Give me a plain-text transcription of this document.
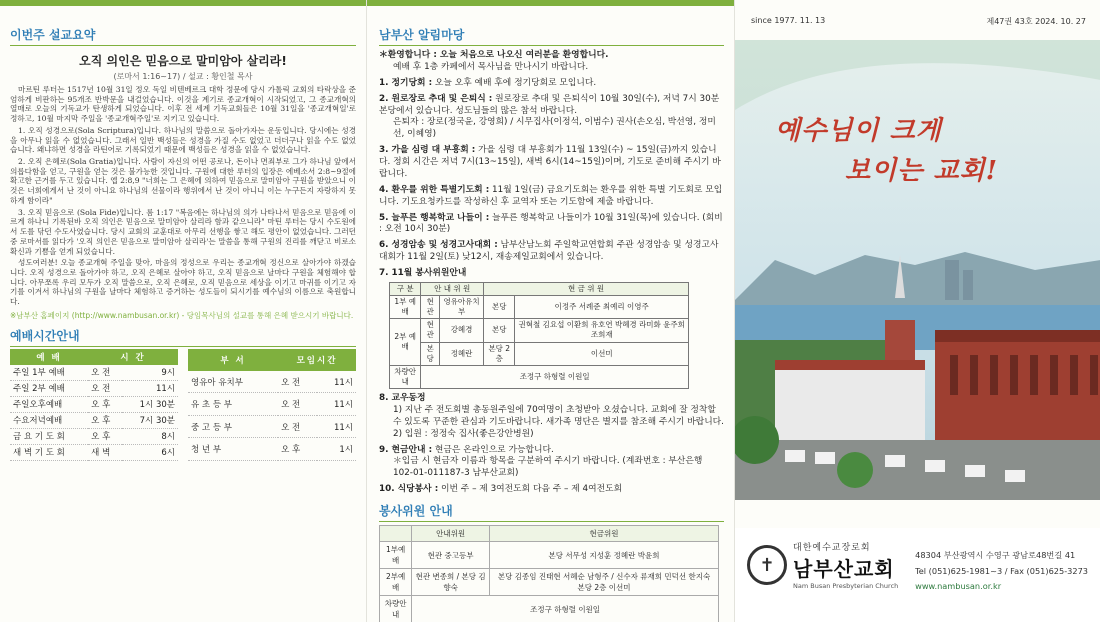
이번주 설교요약
오직 의인은 믿음으로 말미암아 살리라!
(로마서 1:16~17) / 설교 : 황인철 목사

마르틴 루터는 1517년 10월 31일 정오 독일 비텐베르크 대학 정문에 당시 가톨릭 교회의 타락상을 준엄하게 비판하는 95개조 반박문을 내걸었습니다. 이것을 계기로 종교개혁이 시작되었고, 그 종교개혁의 열매로 오늘의 기독교가 탄생하게 되었습니다. 이후 전 세계 기독교회들은 10월 31일을 '종교개혁일'로 정하고, 10월 마지막 주일을 '종교개혁주일'로 지키고 있습니다.

1. 오직 성경으로(Sola Scriptura)입니다. 하나님의 말씀으로 돌아가자는 운동입니다. 당시에는 성경을 아무나 읽을 수 없었습니다. 그래서 일반 백성들은 성경을 가질 수도 없었고 더더구나 읽을 수도 없었습니다. 왜냐하면 성경을 라틴어로 기록되었기 때문에 백성들은 성경을 읽을 수 없었습니다.

2. 오직 은혜로(Sola Gratia)입니다. 사람이 자신의 어떤 공로나, 돈이나 면죄부로 그가 하나님 앞에서 의롭다함을 얻고, 구원을 얻는 것은 불가능한 것입니다. 구원에 대한 루터의 입장은 에베소서 2:8~9절에 확고한 근거를 두고 있습니다. 엡 2:8,9 "너희는 그 은혜에 의하여 믿음으로 말미암아 구원을 받았으니 이것은 너희에게서 난 것이 아니요 하나님의 선물이라 행위에서 난 것이 아니니 이는 누구든지 자랑하지 못하게 함이라"

3. 오직 믿음으로 (Sola Fide)입니다. 롬 1:17 "복음에는 하나님의 의가 나타나서 믿음으로 믿음에 이르게 하나니 기록된바 오직 의인은 믿음으로 말미암아 살리라 함과 같으니라" 마틴 루터는 당시 수도원에서 도를 닦던 수도사였습니다. 당시 교회의 교훈대로 아무리 선행을 쌓고 해도 평안이 없었습니다. 그러던 중 로마서를 읽다가 '오직 의인은 믿음으로 말미암아 살리라'는 말씀을 통해 구원의 진리를 깨닫고 비로소 확신과 기쁨을 얻게 되었습니다.

성도여러분! 오늘 종교개혁 주일을 맞아, 마음의 정성으로 우리는 종교개혁 정신으로 살아가야 하겠습니다. 오직 성경으로 돌아가야 하고, 오직 은혜로 살아야 하고, 오직 믿음으로 날마다 구원을 체험해야 합니다. 아무쪼록 우리 모두가 오직 말씀으로, 오직 은혜로, 오직 믿음으로 세상을 이기고 마귀를 이기고 자기를 이겨서 하나님의 구원을 날마다 체험하고 증거하는 성도들이 되시기를 예수님의 이름으로 축원합니다.

※남부산 홈페이지 (http://www.nambusan.or.kr) - 당임목사님의 설교를 통해 은혜 받으시기 바랍니다.
예배시간안내
예 배	시 간	
주일 1부 예배	오 전	9시
주일 2부 예배	오 전	11시
주일오후예배	오 후	1시 30분
수요저녁예배	오 후	7시 30분
금 요 기 도 회	오 후	8시
새 벽 기 도 회	새 벽	6시
부 서	모임시간	
영유아 유치부	오 전	11시
유 초 등 부	오 전	11시
중 고 등 부	오 전	11시
청 년 부	오 후	1시
남부산 알림마당
＊환영합니다 : 오늘 처음으로 나오신 여러분을 환영합니다.
예배 후 1층 카페에서 목사님을 만나시기 바랍니다.
1. 정기당회 : 오늘 오후 예배 후에 정기당회로 모입니다.
2. 원로장로 추대 및 은퇴식 : 원로장로 추대 및 은퇴식이 10월 30일(수), 저녁 7시 30분 본당에서 있습니다. 성도님들의 많은 참석 바랍니다.
은퇴자 : 장로(정국윤, 강영희) / 시무집사(이정석, 이범수) 권사(손오심, 박선영, 정미선, 이혜영)
3. 가을 심령 대 부흥회 : 가을 심령 대 부흥회가 11월 13일(수) ~ 15일(금)까지 있습니다. 정회 시간은 저녁 7시(13~15일), 새벽 6시(14~15일)이며, 기도로 준비해 주시기 바랍니다.
4. 환우를 위한 특별기도회 : 11월 1일(금) 금요기도회는 환우를 위한 특별 기도회로 모입니다. 기도요청카드를 작성하신 후 교역자 또는 기도함에 제출 바랍니다.
5. 늘푸른 행복학교 나들이 : 늘푸른 행복학교 나들이가 10월 31일(목)에 있습니다. (회비 : 오전 10시 30분)
6. 성경암송 및 성경고사대회 : 남부산남노회 주일학교연합회 주관 성경암송 및 성경고사 대회가 11월 2일(토) 낮12시, 재송제일교회에서 있습니다.
7. 11월 봉사위원안내
구 분	안 내 위 원		현 금 위 원	
1부 예배	현관	영유아유치부	본당	이정주 서례준 최예리 이영주
2부 예배	현관	강혜경	본당	권혁철 김요섭 이환희 유호연 박혜경 라미화 윤주희 조희재
	본당	정혜란	본당 2층	이선미
차량안내	조정구 하형렬 이원일			
8. 교우동정
1) 지난 주 전도회별 총동원주일에 70여명이 초청받아 오셨습니다. 교회에 잘 정착할 수 있도록 꾸준한 관심과 기도바랍니다. 새가족 명단은 별지를 참조해 주시기 바랍니다.
2) 입원 : 정정숙 집사(좋은강안병원)
9. 현금안내 : 현금은 온라인으로 가능합니다.
＊입금 시 현금자 이름과 항목을 구분하여 주시기 바랍니다. (계좌번호 : 부산은행 102-01-011187-3 남부산교회)
10. 식당봉사 : 이번 주 – 제 3여전도회 다음 주 – 제 4여전도회
봉사위원 안내
	안내위원	현금위원
1부예배	현관 중고등부	본당 서무성 지성훈 정혜란 박윤희
2부예배	현관 변종희 / 본당 김향숙	본당 김종임 진태현 서혜순 남형주 / 신수자 류재희 민덕선 한지숙 본당 2층 이선미
차량안내	조정구 하형렬 이원일	
since 1977. 11. 13	제47권 43호 2024. 10. 27
예수님이 크게
보이는 교회!
✝
대한예수교장로회
남부산교회
Nam Busan Presbyterian Church
48304 부산광역시 수영구 광남로48번길 41
Tel (051)625-1981~3 / Fax (051)625-3273
www.nambusan.or.kr
